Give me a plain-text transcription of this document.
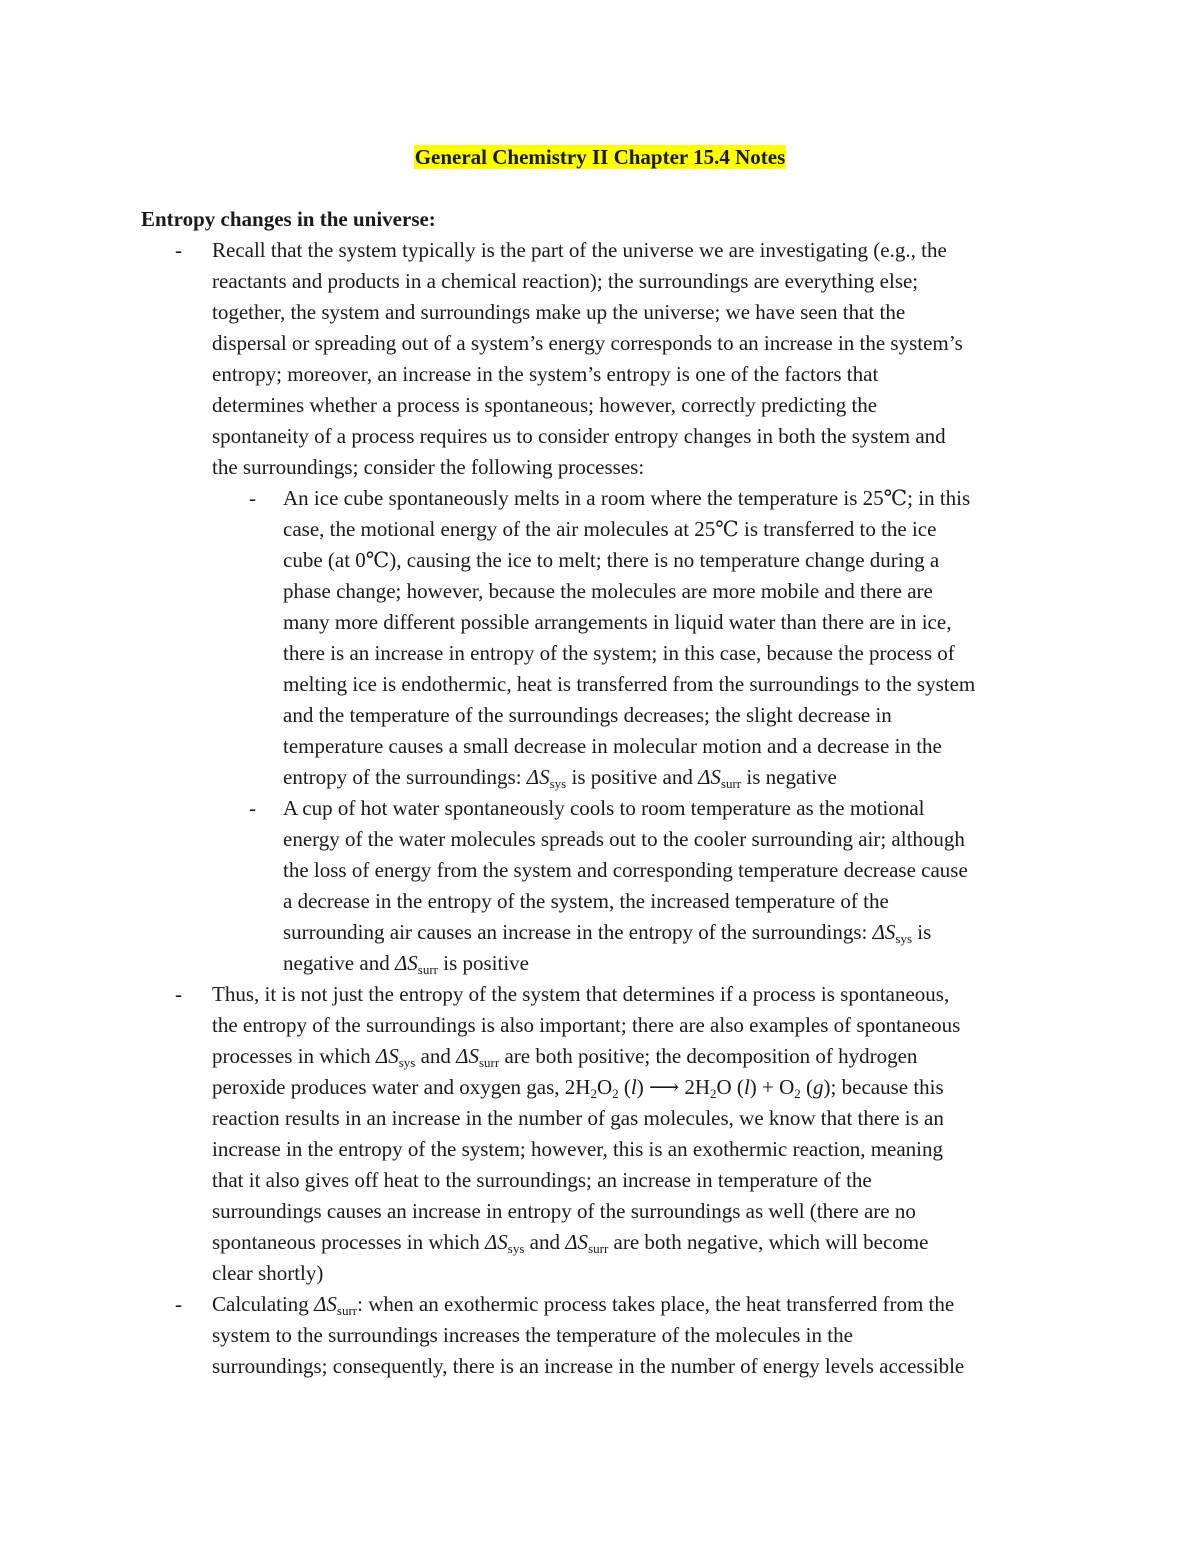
General Chemistry II Chapter 15.4 Notes
Entropy changes in the universe:
- Recall that the system typically is the part of the universe we are investigating (e.g., the
reactants and products in a chemical reaction); the surroundings are everything else;
together, the system and surroundings make up the universe; we have seen that the
dispersal or spreading out of a system’s energy corresponds to an increase in the system’s
entropy; moreover, an increase in the system’s entropy is one of the factors that
determines whether a process is spontaneous; however, correctly predicting the
spontaneity of a process requires us to consider entropy changes in both the system and
the surroundings; consider the following processes:
- An ice cube spontaneously melts in a room where the temperature is 25℃; in this
case, the motional energy of the air molecules at 25℃ is transferred to the ice
cube (at 0℃), causing the ice to melt; there is no temperature change during a
phase change; however, because the molecules are more mobile and there are
many more different possible arrangements in liquid water than there are in ice,
there is an increase in entropy of the system; in this case, because the process of
melting ice is endothermic, heat is transferred from the surroundings to the system
and the temperature of the surroundings decreases; the slight decrease in
temperature causes a small decrease in molecular motion and a decrease in the
entropy of the surroundings: $\Delta S_{sys}$ is positive and $\Delta S_{surr}$ is negative
- A cup of hot water spontaneously cools to room temperature as the motional
energy of the water molecules spreads out to the cooler surrounding air; although
the loss of energy from the system and corresponding temperature decrease cause
a decrease in the entropy of the system, the increased temperature of the
surrounding air causes an increase in the entropy of the surroundings: $\Delta S_{sys}$ is
negative and $\Delta S_{surr}$ is positive
- Thus, it is not just the entropy of the system that determines if a process is spontaneous,
the entropy of the surroundings is also important; there are also examples of spontaneous
processes in which $\Delta S_{sys}$ and $\Delta S_{surr}$ are both positive; the decomposition of hydrogen
peroxide produces water and oxygen gas, $2H_2O_2$ (l) ⟶ $2H_2O$ $(l) + O_2$ (g); because this
reaction results in an increase in the number of gas molecules, we know that there is an
increase in the entropy of the system; however, this is an exothermic reaction, meaning
that it also gives off heat to the surroundings; an increase in temperature of the
surroundings causes an increase in entropy of the surroundings as well (there are no
spontaneous processes in which $\Delta S_{sys}$ and $\Delta S_{surr}$ are both negative, which will become
clear shortly)
- Calculating $\Delta S_{surr}$: when an exothermic process takes place, the heat transferred from the
system to the surroundings increases the temperature of the molecules in the
surroundings; consequently, there is an increase in the number of energy levels accessible
